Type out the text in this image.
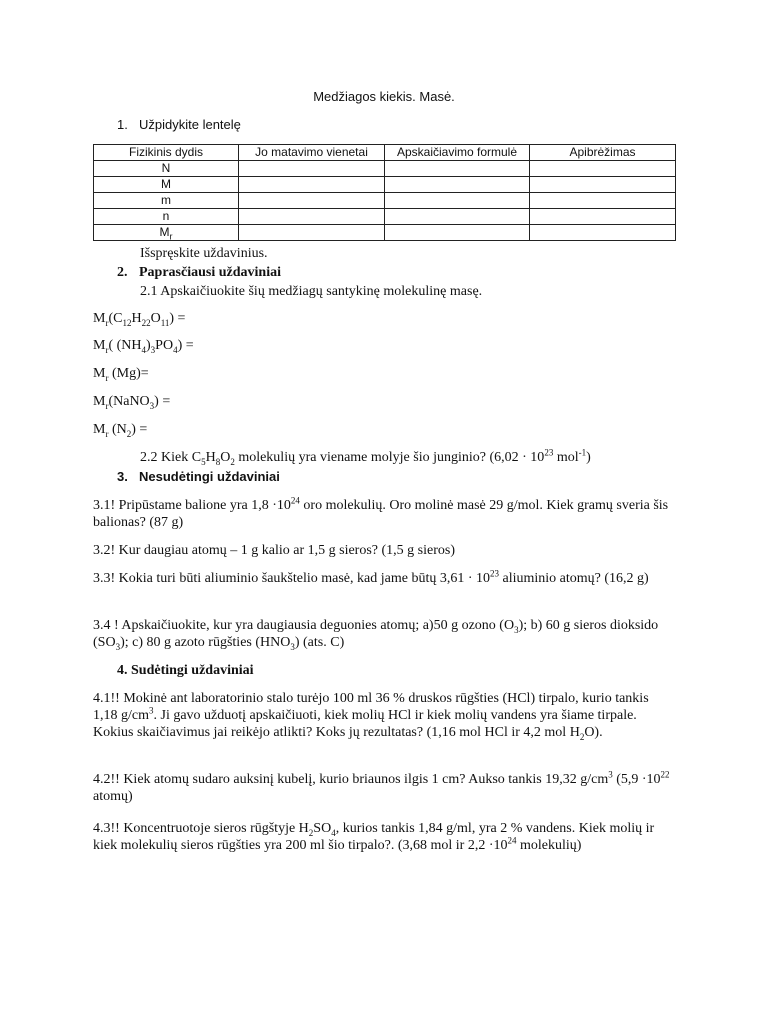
Medžiagos kiekis. Masė.
1. Užpidykite lentelę
Fizikinis dydis	Jo matavimo vienetai	Apskaičiavimo formulė	Apibrėžimas
N			
M			
m			
n			
$M_r$			
Išspręskite uždavinius.
2. Paprasčiausi uždaviniai
2.1 Apskaičiuokite šių medžiagų santykinę molekulinę masę.
$M_r(C_{12}H_{22}O_{11})$ =
$M_r$( $(NH_4)_3PO_4$) =
$M_r$ (Mg)=
$M_r(NaNO_3)$ =
$M_r$ $(N_2)$ =
2.2 Kiek $C_5H_8O_2$ molekulių yra viename molyje šio junginio? ($6,02 \cdot 10^{23}$ mol$^{-1}$)
3. Nesudėtingi uždaviniai
3.1! Pripūstame balione yra $1,8 \cdot 10^{24}$ oro molekulių. Oro molinė masė 29 g/mol. Kiek gramų sveria šis balionas? (87 g)
3.2! Kur daugiau atomų – 1 g kalio ar 1,5 g sieros? (1,5 g sieros)
3.3! Kokia turi būti aliuminio šaukštelio masė, kad jame būtų $3,61 \cdot 10^{23}$ aliuminio atomų? (16,2 g)
3.4 ! Apskaičiuokite, kur yra daugiausia deguonies atomų; a)50 g ozono $(O_3)$; b) 60 g sieros dioksido $(SO_3)$; c) 80 g azoto rūgšties $(HNO_3)$ (ats. C)
4. Sudėtingi uždaviniai
4.1!! Mokinė ant laboratorinio stalo turėjo 100 ml 36 % druskos rūgšties (HCl) tirpalo, kurio tankis 1,18 $g/cm^3$. Ji gavo užduotį apskaičiuoti, kiek molių HCl ir kiek molių vandens yra šiame tirpale. Kokius skaičiavimus jai reikėjo atlikti? Koks jų rezultatas? (1,16 mol HCl ir 4,2 mol $H_2O$).
4.2!! Kiek atomų sudaro auksinį kubelį, kurio briaunos ilgis 1 cm? Aukso tankis 19,32 $g/cm^3$ ($5,9 \cdot 10^{22}$ atomų)
4.3!! Koncentruotoje sieros rūgštyje $H_2SO_4$, kurios tankis 1,84 g/ml, yra 2 % vandens. Kiek molių ir kiek molekulių sieros rūgšties yra 200 ml šio tirpalo?. (3,68 mol ir $2,2 \cdot 10^{24}$ molekulių)
